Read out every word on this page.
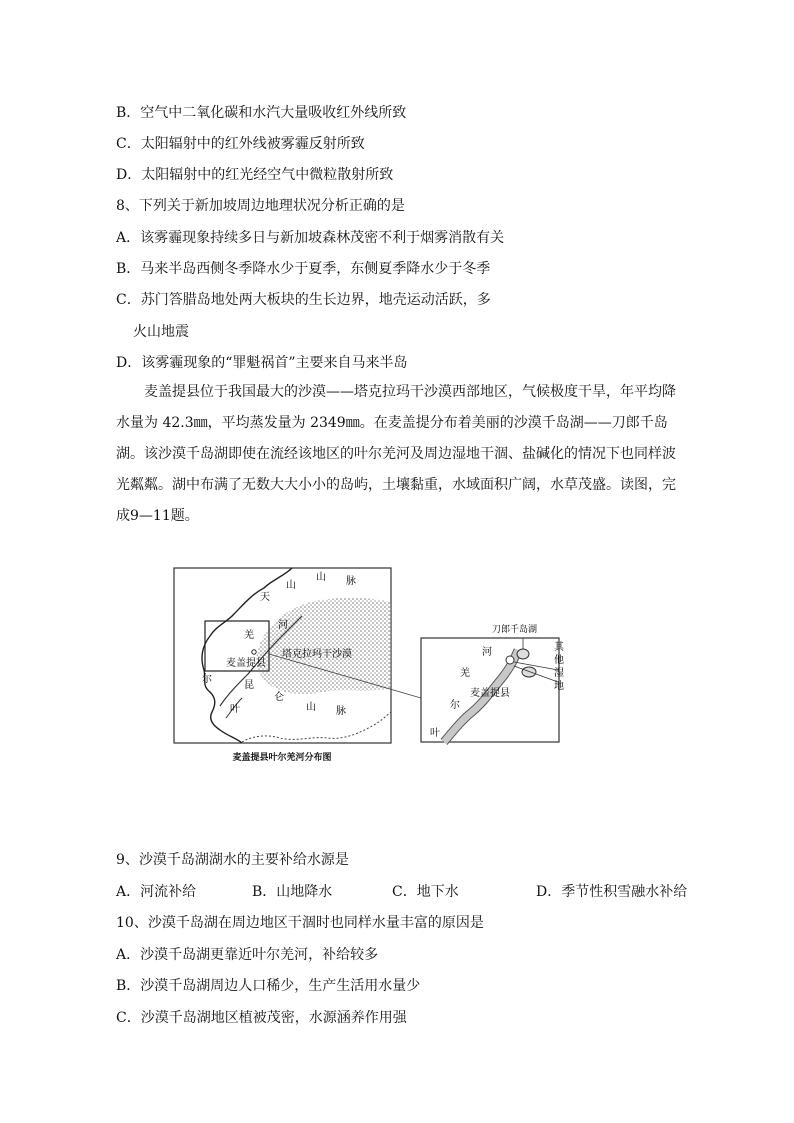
B．空气中二氧化碳和水汽大量吸收红外线所致
C．太阳辐射中的红外线被雾霾反射所致
D．太阳辐射中的红光经空气中微粒散射所致
8、下列关于新加坡周边地理状况分析正确的是
A．该雾霾现象持续多日与新加坡森林茂密不利于烟雾消散有关
B．马来半岛西侧冬季降水少于夏季，东侧夏季降水少于冬季
C．苏门答腊岛地处两大板块的生长边界，地壳运动活跃，多
火山地震
D．该雾霾现象的“罪魁祸首”主要来自马来半岛
麦盖提县位于我国最大的沙漠——塔克拉玛干沙漠西部地区，气候极度干旱，年平均降水量为 42.3㎜，平均蒸发量为 2349㎜。在麦盖提分布着美丽的沙漠千岛湖——刀郎千岛湖。该沙漠千岛湖即使在流经该地区的叶尔羌河及周边湿地干涸、盐碱化的情况下也同样波光粼粼。湖中布满了无数大大小小的岛屿，土壤黏重，水域面积广阔，水草茂盛。读图，完成9—11题。
天
山
山 脉
昆
仑
山 脉
叶
尔
羌
河
塔克拉玛干沙漠
麦盖提县
刀郎千岛湖
其
他
湿
地
河
羌
尔
叶
麦盖提县
麦盖提县叶尔羌河分布图
9、沙漠千岛湖湖水的主要补给水源是
A．河流补给	B．山地降水	C．地下水	D．季节性积雪融水补给
10、沙漠千岛湖在周边地区干涸时也同样水量丰富的原因是
A．沙漠千岛湖更靠近叶尔羌河，补给较多
B．沙漠千岛湖周边人口稀少，生产生活用水量少
C．沙漠千岛湖地区植被茂密，水源涵养作用强
